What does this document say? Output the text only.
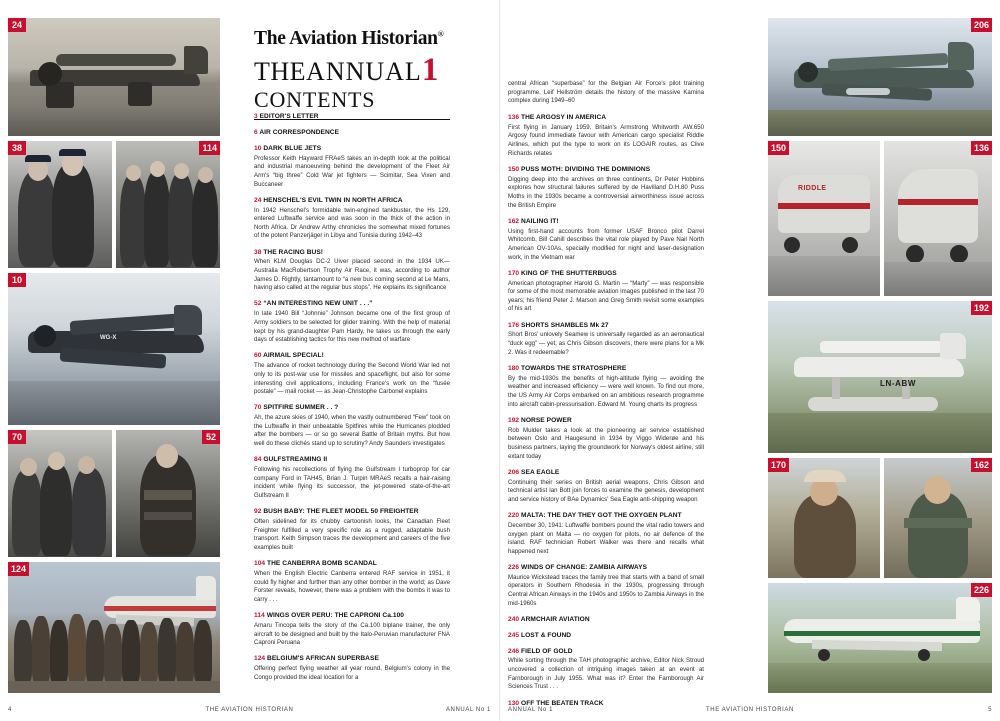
24
38	114
WG-X
10
70	52
124
The Aviation Historian®
THEANNUAL1
CONTENTS
3 EDITOR'S LETTER
6 AIR CORRESPONDENCE
10 DARK BLUE JETS
Professor Keith Hayward FRAeS takes an in-depth look at the political and industrial manoeuvring behind the development of the Fleet Air Arm's “big three” Cold War jet fighters — Scimitar, Sea Vixen and Buccaneer
24 HENSCHEL'S EVIL TWIN IN NORTH AFRICA
In 1942 Henschel's formidable twin-engined tankbuster, the Hs 129, entered Luftwaffe service and was soon in the thick of the action in North Africa. Dr Andrew Arthy chronicles the somewhat mixed fortunes of the potent Panzerjäger in Libya and Tunisia during 1942–43
38 THE RACING BUS!
When KLM Douglas DC-2 Uiver placed second in the 1934 UK—Australia MacRobertson Trophy Air Race, it was, according to author James D. Rightly, tantamount to “a new bus coming second at Le Mans, having also called at the regular bus stops”. He explains its significance
52 “AN INTERESTING NEW UNIT . . .”
In late 1940 Bill “Johnnie” Johnson became one of the first group of Army soldiers to be selected for glider training. With the help of material kept by his grand-daughter Pam Hardy, he takes us through the early days of establishing tactics for this new method of warfare
60 AIRMAIL SPECIAL!
The advance of rocket technology during the Second World War led not only to its post-war use for missiles and spaceflight, but also for some interesting civil applications, including France's work on the “fusée postale” — mail rocket — as Jean-Christophe Carbonel explains
70 SPITFIRE SUMMER . . ?
Ah, the azure skies of 1940, when the vastly outnumbered “Few” took on the Luftwaffe in their unbeatable Spitfires while the Hurricanes plodded after the bombers — or so go several Battle of Britain myths. But how well do these clichés stand up to scrutiny? Andy Saunders investigates
84 GULFSTREAMING II
Following his recollections of flying the Gulfstream I turboprop for car company Ford in TAH45, Brian J. Turpin MRAeS recalls a hair-raising incident while flying its successor, the jet-powered state-of-the-art Gulfstream II
92 BUSH BABY: THE FLEET MODEL 50 FREIGHTER
Often sidelined for its chubby cartoonish looks, the Canadian Fleet Freighter fulfilled a very specific role as a rugged, adaptable bush transport. Keith Simpson traces the development and careers of the five examples built
104 THE CANBERRA BOMB SCANDAL
When the English Electric Canberra entered RAF service in 1951, it could fly higher and further than any other bomber in the world; as Dave Forster reveals, however, there was a problem with the bombs it was to carry . . .
114 WINGS OVER PERU: THE CAPRONI Ca.100
Amaru Tincopa tells the story of the Ca.100 biplane trainer, the only aircraft to be designed and built by the Italo-Peruvian manufacturer FNA Caproni Peruana
124 BELGIUM'S AFRICAN SUPERBASE
Offering perfect flying weather all year round, Belgium's colony in the Congo provided the ideal location for a
4	THE AVIATION HISTORIAN	ANNUAL No 1
central African “superbase” for the Belgian Air Force's pilot training programme. Leif Hellström details the history of the massive Kamina complex during 1949–60
136 THE ARGOSY IN AMERICA
First flying in January 1959, Britain's Armstrong Whitworth AW.650 Argosy found immediate favour with American cargo specialist Riddle Airlines, which put the type to work on its LOGAIR routes, as Clive Richards relates
150 PUSS MOTH: DIVIDING THE DOMINIONS
Digging deep into the archives on three continents, Dr Peter Hobbins explores how structural failures suffered by de Havilland D.H.80 Puss Moths in the 1930s became a controversial airworthiness issue across the British Empire
162 NAILING IT!
Using first-hand accounts from former USAF Bronco pilot Darrel Whitcomb, Bill Cahill describes the vital role played by Pave Nail North American OV-10As, specially modified for night and laser-designation work, in the Vietnam war
170 KING OF THE SHUTTERBUGS
American photographer Harold G. Martin — “Marty” — was responsible for some of the most memorable aviation images published in the last 70 years; his friend Peter J. Marson and Greg Smith revisit some examples of his art
176 SHORTS SHAMBLES Mk 27
Short Bros' unlovely Seamew is universally regarded as an aeronautical “duck egg” — yet, as Chris Gibson discovers, there were plans for a Mk 2. Was it redeemable?
180 TOWARDS THE STRATOSPHERE
By the mid-1930s the benefits of high-altitude flying — avoiding the weather and increased efficiency — were well known. To find out more, the US Army Air Corps embarked on an ambitious research programme into aircraft cabin-pressurisation. Edward M. Young charts its progress
192 NORSE POWER
Rob Mulder takes a look at the pioneering air service established between Oslo and Haugesund in 1934 by Viggo Widerøe and his business partners, laying the groundwork for Norway's oldest airline, still extant today
206 SEA EAGLE
Continuing their series on British aerial weapons, Chris Gibson and technical artist Ian Bott join forces to examine the genesis, development and service history of BAe Dynamics' Sea Eagle anti-shipping weapon
220 MALTA: THE DAY THEY GOT THE OXYGEN PLANT
December 30, 1941: Luftwaffe bombers pound the vital radio towers and oxygen plant on Malta — no oxygen for pilots, no air defence of the island. RAF technician Robert Walker was there and recalls what happened next
226 WINDS OF CHANGE: ZAMBIA AIRWAYS
Maurice Wickstead traces the family tree that starts with a band of small operators in Southern Rhodesia in the 1930s, progressing through Central African Airways in the 1940s and 1950s to Zambia Airways in the mid-1960s
240 ARMCHAIR AVIATION
245 LOST & FOUND
246 FIELD OF GOLD
While sorting through the TAH photographic archive, Editor Nick Stroud uncovered a collection of intriguing images taken at an event at Farnborough in July 1955. What was it? Enter the Farnborough Air Sciences Trust . . .
130 OFF THE BEATEN TRACK
206
RIDDLE
150	136
LN-ABW
192
170	162
226
ANNUAL No 1	THE AVIATION HISTORIAN	5
